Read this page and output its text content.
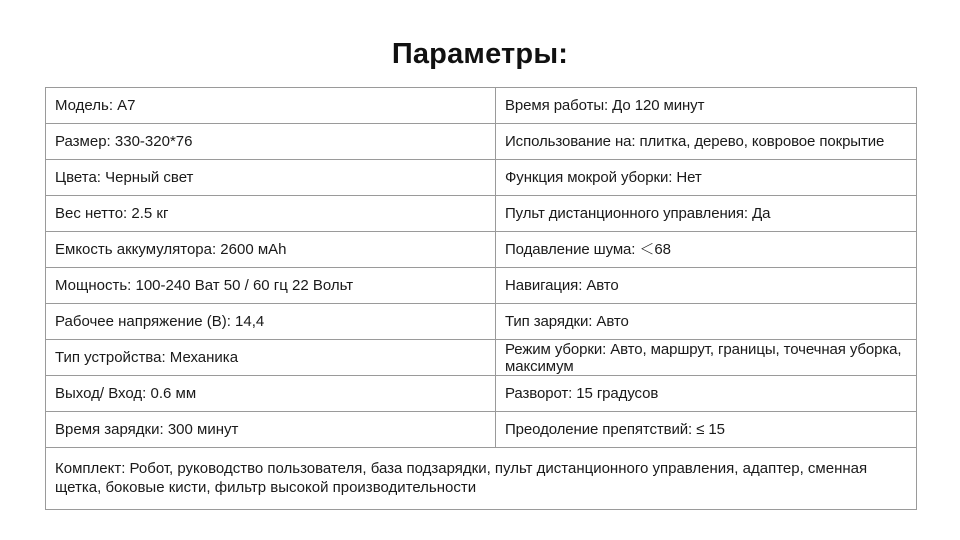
Параметры:
Модель: A7	Время работы: До 120 минут
Размер: 330-320*76	Использование на: плитка, дерево, ковровое покрытие
Цвета: Черный свет	Функция мокрой уборки: Нет
Вес нетто: 2.5 кг	Пульт дистанционного управления: Да
Емкость аккумулятора: 2600 мAh	Подавление шума: ＜68
Мощность: 100-240 Ват 50 / 60 гц 22 Вольт	Навигация: Авто
Рабочее напряжение (В): 14,4	Тип зарядки: Авто
Тип устройства: Механика	Режим уборки: Авто, маршрут, границы, точечная уборка, максимум
Выход/ Вход: 0.6 мм	Разворот: 15 градусов
Время зарядки: 300 минут	Преодоление препятствий: ≤ 15
Комплект: Робот, руководство пользователя, база подзарядки, пульт дистанционного управления, адаптер, сменная щетка, боковые кисти, фильтр высокой производительности	
